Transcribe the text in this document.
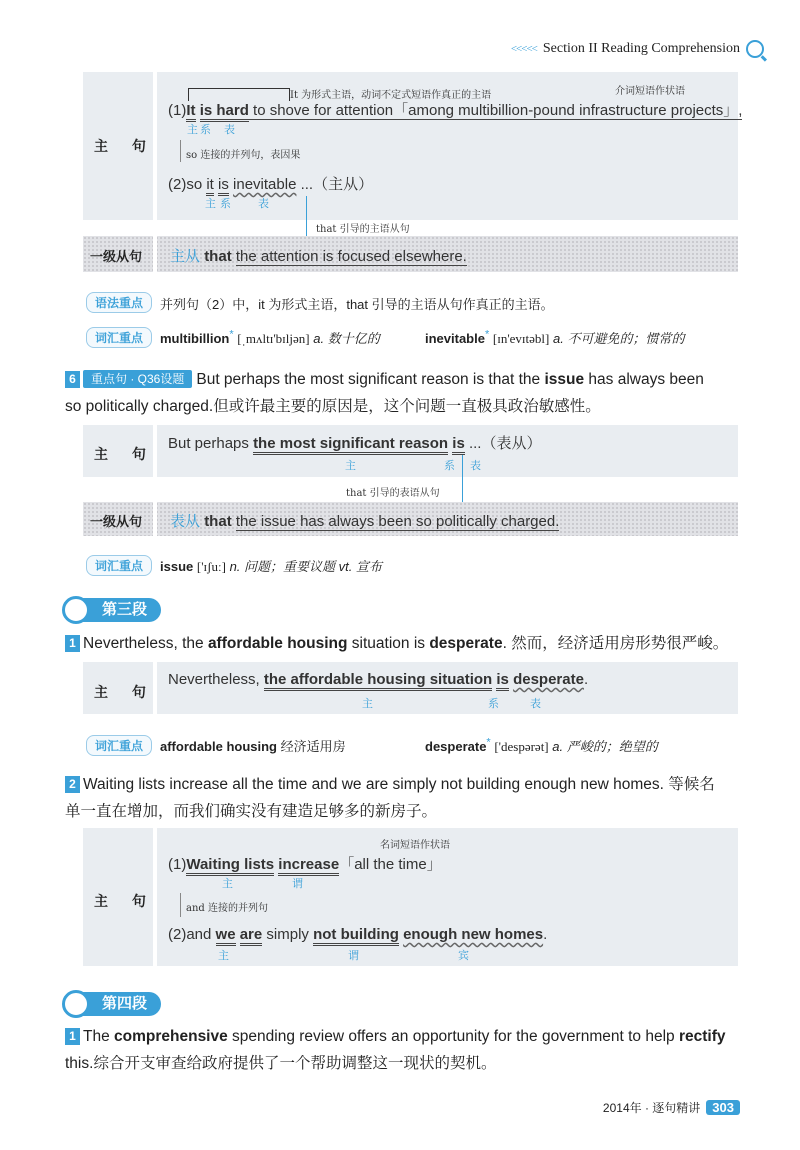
<<<<< Section II Reading Comprehension
主 句
It 为形式主语，动词不定式短语作真正的主语	介词短语作状语
(1)It is hard to shove for attention「among multibillion-pound infrastructure projects」,
主 系 表
so 连接的并列句，表因果
(2)so it is inevitable ...（主从）
主 系 表
that 引导的主语从句
一级从句 主从 that the attention is focused elsewhere.
语法重点	并列句（2）中，it 为形式主语，that 引导的主语从句作真正的主语。
词汇重点	multibillion* [ˌmʌltɪ'bɪljən] a. 数十亿的	inevitable* [ɪn'evɪtəbl] a. 不可避免的；惯常的
6 重点句 · Q36设题 But perhaps the most significant reason is that the issue has always been
so politically charged.但或许最主要的原因是，这个问题一直极具政治敏感性。
主 句
But perhaps the most significant reason is ...（表从）
主	系 表
that 引导的表语从句
一级从句 表从 that the issue has always been so politically charged.
词汇重点	issue ['ɪʃuː] n. 问题；重要议题 vt. 宣布
第三段
1 Nevertheless, the affordable housing situation is desperate. 然而，经济适用房形势很严峻。
主 句
Nevertheless, the affordable housing situation is desperate.
主	系	表
词汇重点	affordable housing 经济适用房	desperate* ['despərət] a. 严峻的；绝望的
2 Waiting lists increase all the time and we are simply not building enough new homes. 等候名
单一直在增加，而我们确实没有建造足够多的新房子。
主 句
名词短语作状语
(1)Waiting lists increase「all the time」
主	谓
and 连接的并列句
(2)and we are simply not building enough new homes.
主	谓	宾
第四段
1 The comprehensive spending review offers an opportunity for the government to help rectify
this.综合开支审查给政府提供了一个帮助调整这一现状的契机。
2014年 · 逐句精讲 303
